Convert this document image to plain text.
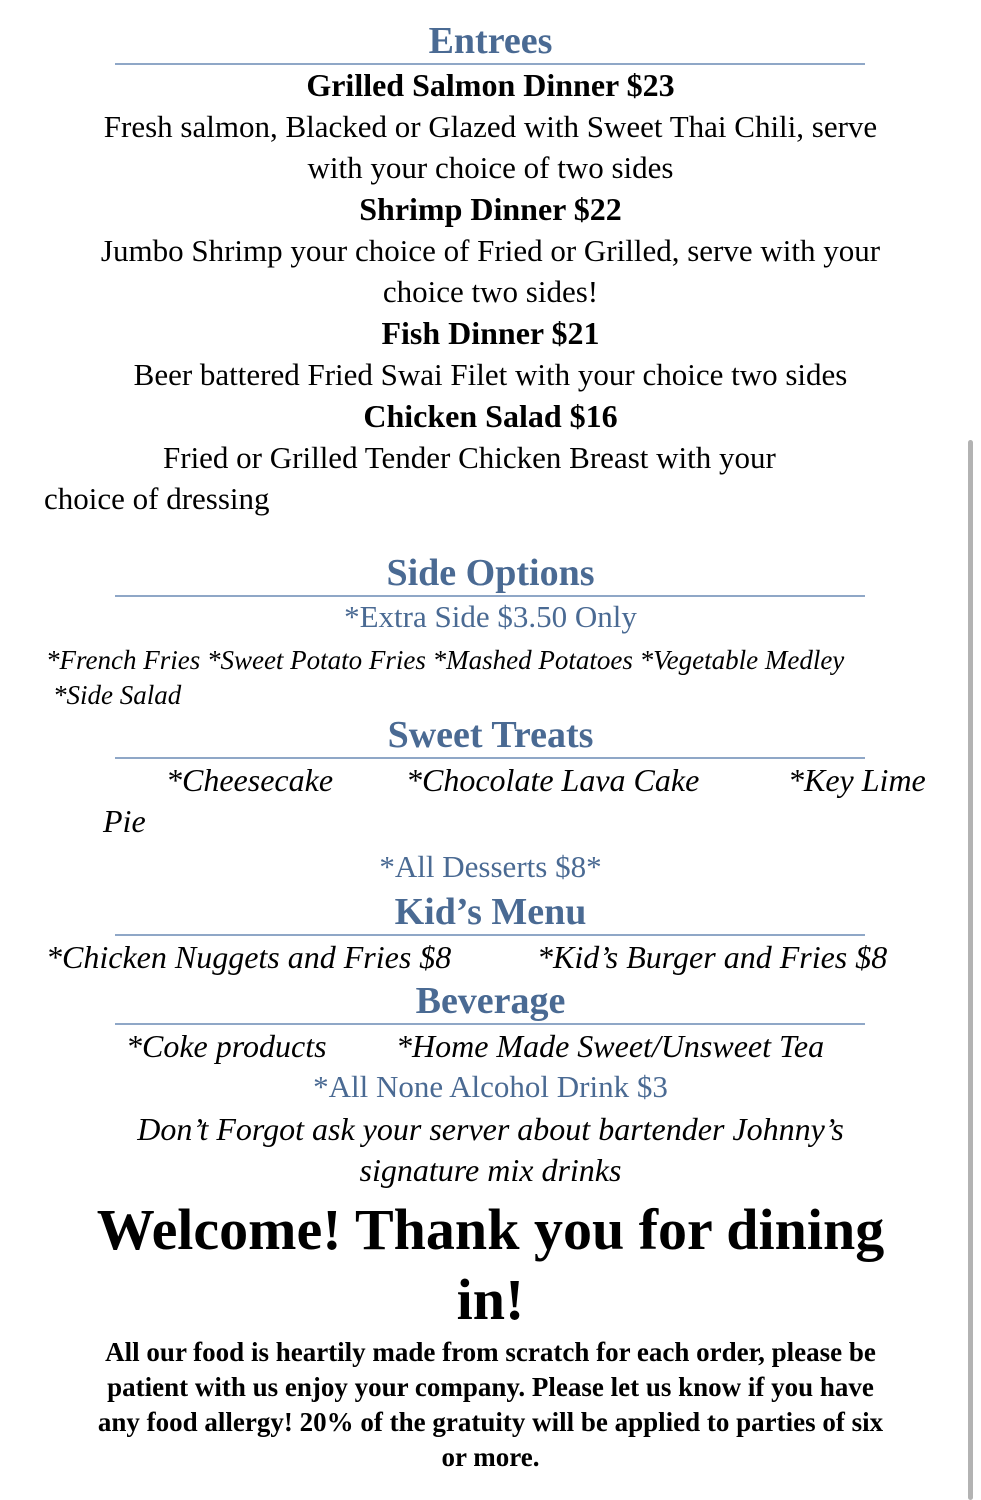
Entrees
Grilled Salmon Dinner $23
Fresh salmon, Blacked or Glazed with Sweet Thai Chili, serve
with your choice of two sides
Shrimp Dinner $22
Jumbo Shrimp your choice of Fried or Grilled, serve with your
choice two sides!
Fish Dinner $21
Beer battered Fried Swai Filet with your choice two sides
Chicken Salad $16
Fried or Grilled Tender Chicken Breast with your
choice of dressing
Side Options
*Extra Side $3.50 Only
*French Fries *Sweet Potato Fries *Mashed Potatoes *Vegetable Medley
*Side Salad
Sweet Treats
*Cheesecake *Chocolate Lava Cake	*Key Lime
Pie
*All Desserts $8*
Kid’s Menu
*Chicken Nuggets and Fries $8	*Kid’s Burger and Fries $8
Beverage
*Coke products *Home Made Sweet/Unsweet Tea
*All None Alcohol Drink $3
Don’t Forgot ask your server about bartender Johnny’s
signature mix drinks
Welcome! Thank you for dining
in!
All our food is heartily made from scratch for each order, please be
patient with us enjoy your company. Please let us know if you have
any food allergy! 20% of the gratuity will be applied to parties of six
or more.
